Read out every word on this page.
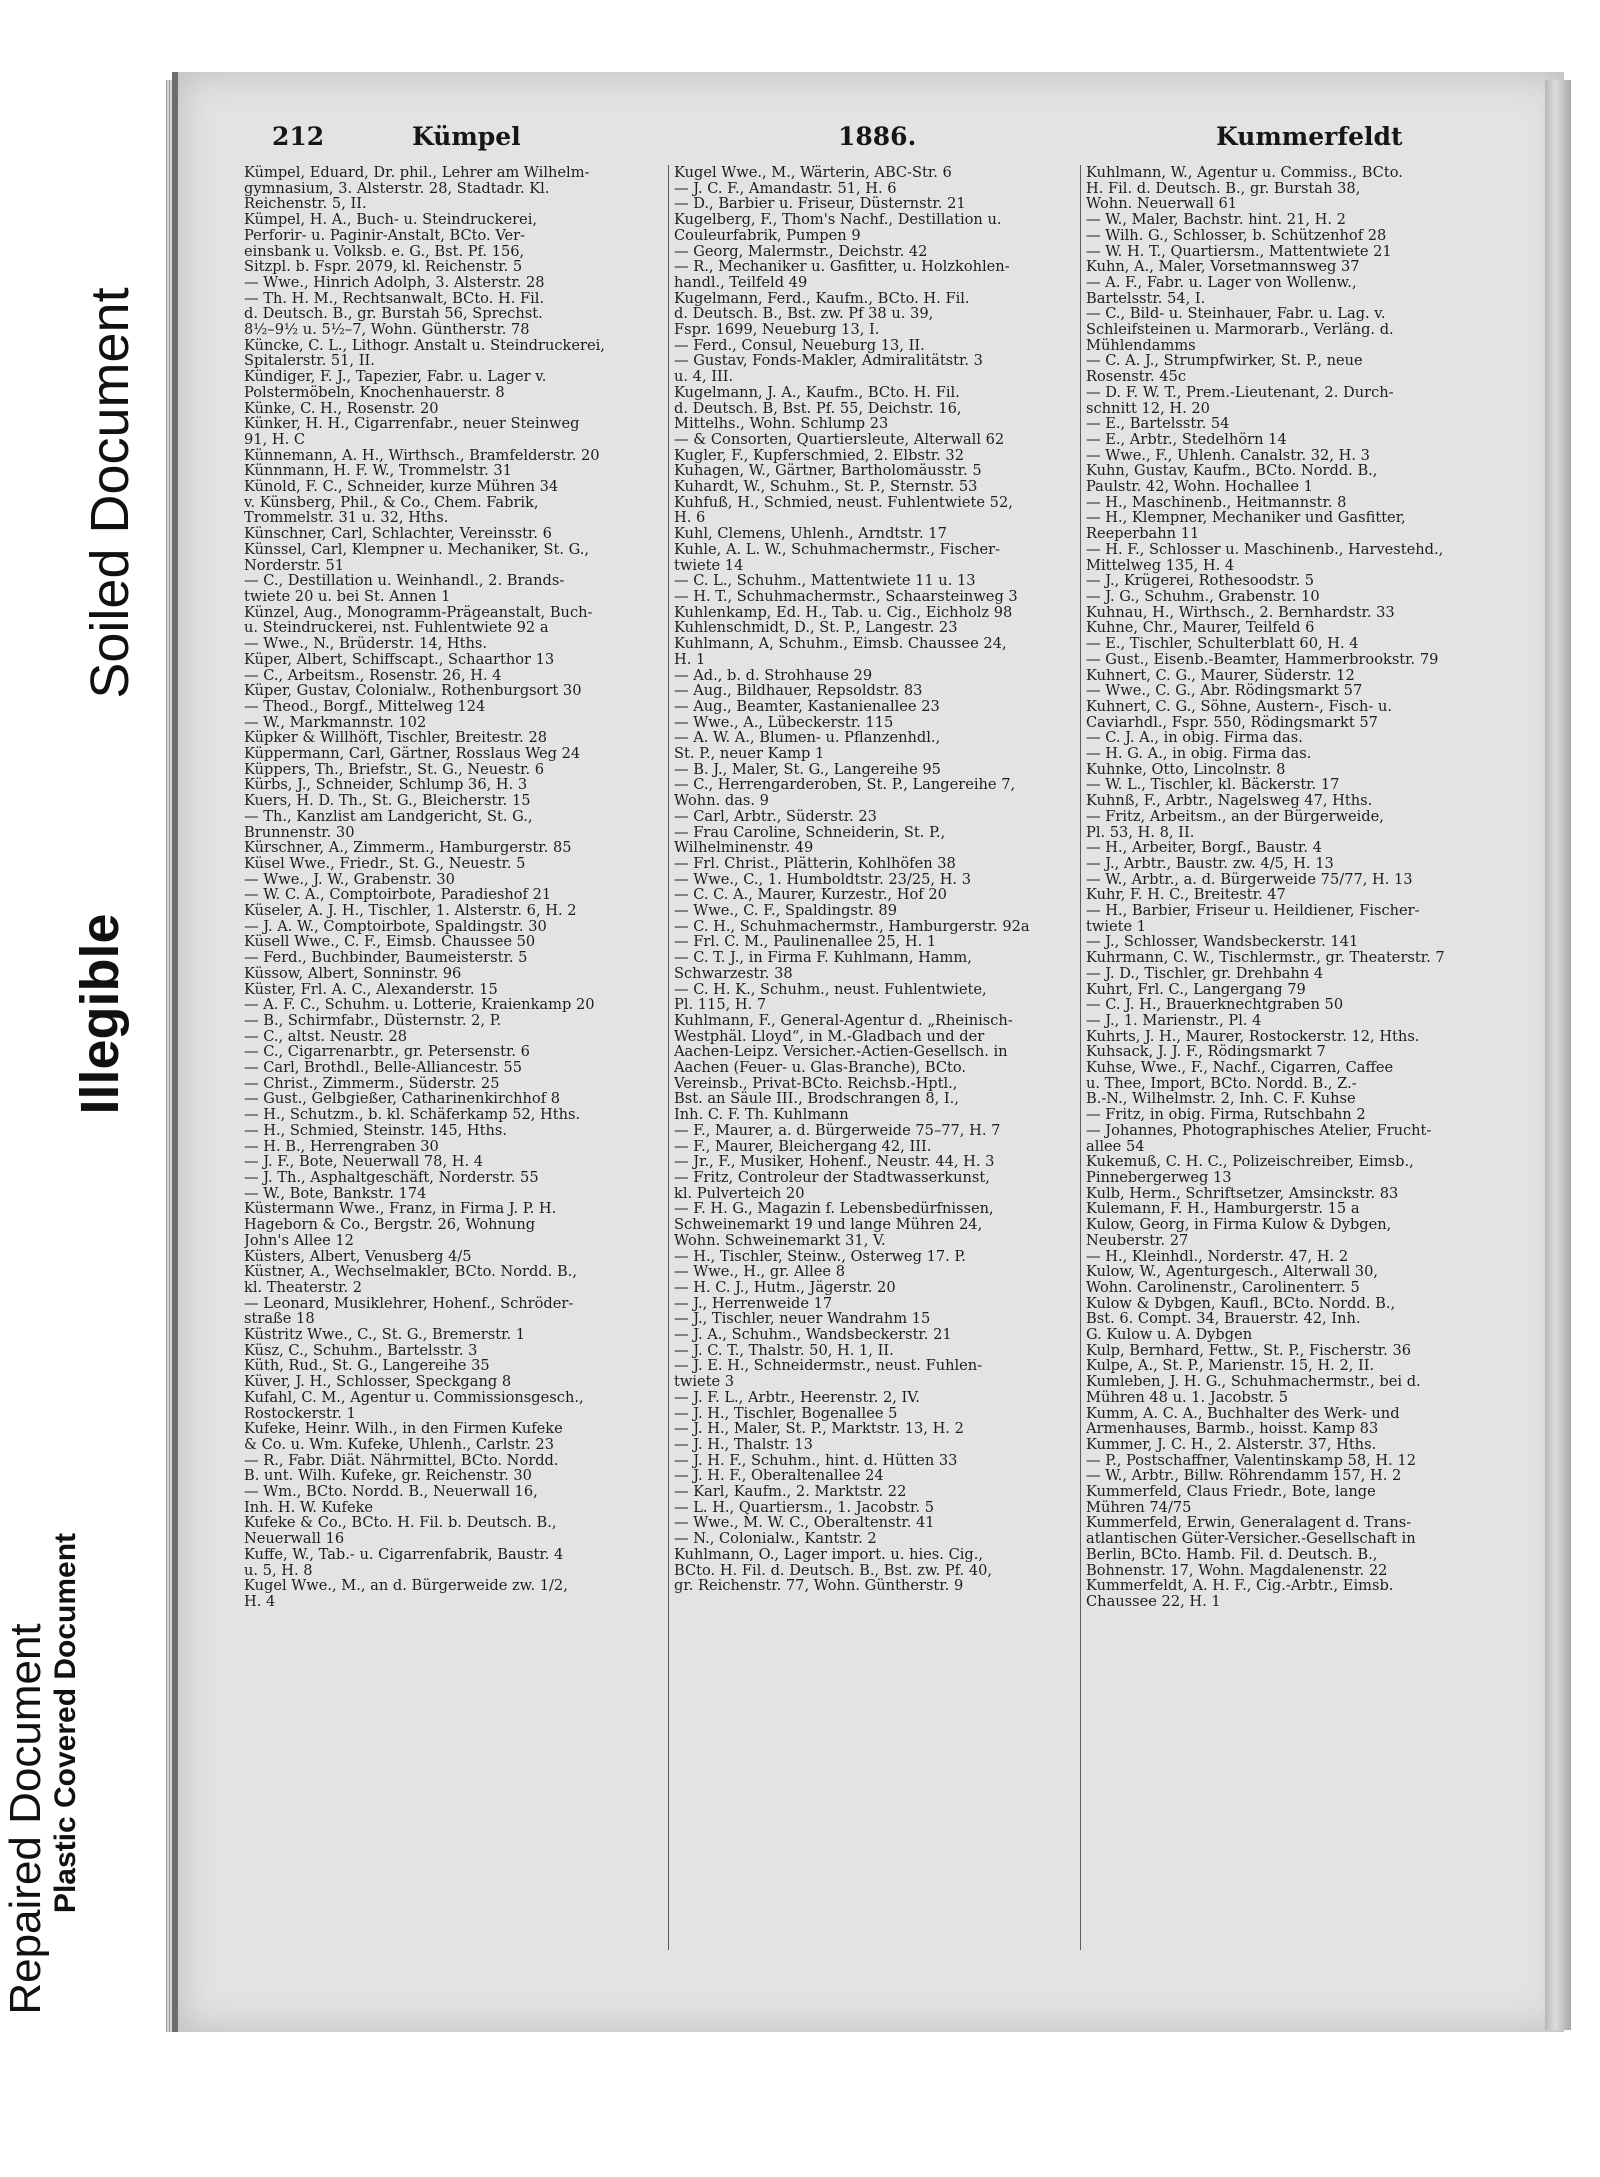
Soiled Document
Illegible
Repaired Document Plastic Covered Document
212	Kümpel	1886.	Kummerfeldt

Kümpel, Eduard, Dr. phil., Lehrer am Wilhelm-

gymnasium, 3. Alsterstr. 28, Stadtadr. Kl.

Reichenstr. 5, II.

Kümpel, H. A., Buch- u. Steindruckerei,

Perforir- u. Paginir-Anstalt, BCto. Ver-

einsbank u. Volksb. e. G., Bst. Pf. 156,

Sitzpl. b. Fspr. 2079, kl. Reichenstr. 5

— Wwe., Hinrich Adolph, 3. Alsterstr. 28

— Th. H. M., Rechtsanwalt, BCto. H. Fil.

d. Deutsch. B., gr. Burstah 56, Sprechst.

8½–9½ u. 5½–7, Wohn. Güntherstr. 78

Küncke, C. L., Lithogr. Anstalt u. Steindruckerei,

Spitalerstr. 51, II.

Kündiger, F. J., Tapezier, Fabr. u. Lager v.

Polstermöbeln, Knochenhauerstr. 8

Künke, C. H., Rosenstr. 20

Künker, H. H., Cigarrenfabr., neuer Steinweg

91, H. C

Künnemann, A. H., Wirthsch., Bramfelderstr. 20

Künnmann, H. F. W., Trommelstr. 31

Künold, F. C., Schneider, kurze Mühren 34

v. Künsberg, Phil., & Co., Chem. Fabrik,

Trommelstr. 31 u. 32, Hths.

Künschner, Carl, Schlachter, Vereinsstr. 6

Künssel, Carl, Klempner u. Mechaniker, St. G.,

Norderstr. 51

— C., Destillation u. Weinhandl., 2. Brands-

twiete 20 u. bei St. Annen 1

Künzel, Aug., Monogramm-Prägeanstalt, Buch-

u. Steindruckerei, nst. Fuhlentwiete 92 a

— Wwe., N., Brüderstr. 14, Hths.

Küper, Albert, Schiffscapt., Schaarthor 13

— C., Arbeitsm., Rosenstr. 26, H. 4

Küper, Gustav, Colonialw., Rothenburgsort 30

— Theod., Borgf., Mittelweg 124

— W., Markmannstr. 102

Küpker & Willhöft, Tischler, Breitestr. 28

Küppermann, Carl, Gärtner, Rosslaus Weg 24

Küppers, Th., Briefstr., St. G., Neuestr. 6

Kürbs, J., Schneider, Schlump 36, H. 3

Kuers, H. D. Th., St. G., Bleicherstr. 15

— Th., Kanzlist am Landgericht, St. G.,

Brunnenstr. 30

Kürschner, A., Zimmerm., Hamburgerstr. 85

Küsel Wwe., Friedr., St. G., Neuestr. 5

— Wwe., J. W., Grabenstr. 30

— W. C. A., Comptoirbote, Paradieshof 21

Küseler, A. J. H., Tischler, 1. Alsterstr. 6, H. 2

— J. A. W., Comptoirbote, Spaldingstr. 30

Küsell Wwe., C. F., Eimsb. Chaussee 50

— Ferd., Buchbinder, Baumeisterstr. 5

Küssow, Albert, Sonninstr. 96

Küster, Frl. A. C., Alexanderstr. 15

— A. F. C., Schuhm. u. Lotterie, Kraienkamp 20

— B., Schirmfabr., Düsternstr. 2, P.

— C., altst. Neustr. 28

— C., Cigarrenarbtr., gr. Petersenstr. 6

— Carl, Brothdl., Belle-Alliancestr. 55

— Christ., Zimmerm., Süderstr. 25

— Gust., Gelbgießer, Catharinenkirchhof 8

— H., Schutzm., b. kl. Schäferkamp 52, Hths.

— H., Schmied, Steinstr. 145, Hths.

— H. B., Herrengraben 30

— J. F., Bote, Neuerwall 78, H. 4

— J. Th., Asphaltgeschäft, Norderstr. 55

— W., Bote, Bankstr. 174

Küstermann Wwe., Franz, in Firma J. P. H.

Hageborn & Co., Bergstr. 26, Wohnung

John's Allee 12

Küsters, Albert, Venusberg 4/5

Küstner, A., Wechselmakler, BCto. Nordd. B.,

kl. Theaterstr. 2

— Leonard, Musiklehrer, Hohenf., Schröder-

straße 18

Küstritz Wwe., C., St. G., Bremerstr. 1

Küsz, C., Schuhm., Bartelsstr. 3

Küth, Rud., St. G., Langereihe 35

Küver, J. H., Schlosser, Speckgang 8

Kufahl, C. M., Agentur u. Commissionsgesch.,

Rostockerstr. 1

Kufeke, Heinr. Wilh., in den Firmen Kufeke

& Co. u. Wm. Kufeke, Uhlenh., Carlstr. 23

— R., Fabr. Diät. Nährmittel, BCto. Nordd.

B. unt. Wilh. Kufeke, gr. Reichenstr. 30

— Wm., BCto. Nordd. B., Neuerwall 16,

Inh. H. W. Kufeke

Kufeke & Co., BCto. H. Fil. b. Deutsch. B.,

Neuerwall 16

Kuffe, W., Tab.- u. Cigarrenfabrik, Baustr. 4

u. 5, H. 8

Kugel Wwe., M., an d. Bürgerweide zw. 1/2,

H. 4

Kugel Wwe., M., Wärterin, ABC-Str. 6

— J. C. F., Amandastr. 51, H. 6

— D., Barbier u. Friseur, Düsternstr. 21

Kugelberg, F., Thom's Nachf., Destillation u.

Couleurfabrik, Pumpen 9

— Georg, Malermstr., Deichstr. 42

— R., Mechaniker u. Gasfitter, u. Holzkohlen-

handl., Teilfeld 49

Kugelmann, Ferd., Kaufm., BCto. H. Fil.

d. Deutsch. B., Bst. zw. Pf 38 u. 39,

Fspr. 1699, Neueburg 13, I.

— Ferd., Consul, Neueburg 13, II.

— Gustav, Fonds-Makler, Admiralitätstr. 3

u. 4, III.

Kugelmann, J. A., Kaufm., BCto. H. Fil.

d. Deutsch. B, Bst. Pf. 55, Deichstr. 16,

Mittelhs., Wohn. Schlump 23

— & Consorten, Quartiersleute, Alterwall 62

Kugler, F., Kupferschmied, 2. Elbstr. 32

Kuhagen, W., Gärtner, Bartholomäusstr. 5

Kuhardt, W., Schuhm., St. P., Sternstr. 53

Kuhfuß, H., Schmied, neust. Fuhlentwiete 52,

H. 6

Kuhl, Clemens, Uhlenh., Arndtstr. 17

Kuhle, A. L. W., Schuhmachermstr., Fischer-

twiete 14

— C. L., Schuhm., Mattentwiete 11 u. 13

— H. T., Schuhmachermstr., Schaarsteinweg 3

Kuhlenkamp, Ed. H., Tab. u. Cig., Eichholz 98

Kuhlenschmidt, D., St. P., Langestr. 23

Kuhlmann, A, Schuhm., Eimsb. Chaussee 24,

H. 1

— Ad., b. d. Strohhause 29

— Aug., Bildhauer, Repsoldstr. 83

— Aug., Beamter, Kastanienallee 23

— Wwe., A., Lübeckerstr. 115

— A. W. A., Blumen- u. Pflanzenhdl.,

St. P., neuer Kamp 1

— B. J., Maler, St. G., Langereihe 95

— C., Herrengarderoben, St. P., Langereihe 7,

Wohn. das. 9

— Carl, Arbtr., Süderstr. 23

— Frau Caroline, Schneiderin, St. P.,

Wilhelminenstr. 49

— Frl. Christ., Plätterin, Kohlhöfen 38

— Wwe., C., 1. Humboldtstr. 23/25, H. 3

— C. C. A., Maurer, Kurzestr., Hof 20

— Wwe., C. F., Spaldingstr. 89

— C. H., Schuhmachermstr., Hamburgerstr. 92a

— Frl. C. M., Paulinenallee 25, H. 1

— C. T. J., in Firma F. Kuhlmann, Hamm,

Schwarzestr. 38

— C. H. K., Schuhm., neust. Fuhlentwiete,

Pl. 115, H. 7

Kuhlmann, F., General-Agentur d. „Rheinisch-

Westphäl. Lloyd“, in M.-Gladbach und der

Aachen-Leipz. Versicher.-Actien-Gesellsch. in

Aachen (Feuer- u. Glas-Branche), BCto.

Vereinsb., Privat-BCto. Reichsb.-Hptl.,

Bst. an Säule III., Brodschrangen 8, I.,

Inh. C. F. Th. Kuhlmann

— F., Maurer, a. d. Bürgerweide 75–77, H. 7

— F., Maurer, Bleichergang 42, III.

— Jr., F., Musiker, Hohenf., Neustr. 44, H. 3

— Fritz, Controleur der Stadtwasserkunst,

kl. Pulverteich 20

— F. H. G., Magazin f. Lebensbedürfnissen,

Schweinemarkt 19 und lange Mühren 24,

Wohn. Schweinemarkt 31, V.

— H., Tischler, Steinw., Osterweg 17. P.

— Wwe., H., gr. Allee 8

— H. C. J., Hutm., Jägerstr. 20

— J., Herrenweide 17

— J., Tischler, neuer Wandrahm 15

— J. A., Schuhm., Wandsbeckerstr. 21

— J. C. T., Thalstr. 50, H. 1, II.

— J. E. H., Schneidermstr., neust. Fuhlen-

twiete 3

— J. F. L., Arbtr., Heerenstr. 2, IV.

— J. H., Tischler, Bogenallee 5

— J. H., Maler, St. P., Marktstr. 13, H. 2

— J. H., Thalstr. 13

— J. H. F., Schuhm., hint. d. Hütten 33

— J. H. F., Oberaltenallee 24

— Karl, Kaufm., 2. Marktstr. 22

— L. H., Quartiersm., 1. Jacobstr. 5

— Wwe., M. W. C., Oberaltenstr. 41

— N., Colonialw., Kantstr. 2

Kuhlmann, O., Lager import. u. hies. Cig.,

BCto. H. Fil. d. Deutsch. B., Bst. zw. Pf. 40,

gr. Reichenstr. 77, Wohn. Güntherstr. 9

Kuhlmann, W., Agentur u. Commiss., BCto.

H. Fil. d. Deutsch. B., gr. Burstah 38,

Wohn. Neuerwall 61

— W., Maler, Bachstr. hint. 21, H. 2

— Wilh. G., Schlosser, b. Schützenhof 28

— W. H. T., Quartiersm., Mattentwiete 21

Kuhn, A., Maler, Vorsetmannsweg 37

— A. F., Fabr. u. Lager von Wollenw.,

Bartelsstr. 54, I.

— C., Bild- u. Steinhauer, Fabr. u. Lag. v.

Schleifsteinen u. Marmorarb., Verläng. d.

Mühlendamms

— C. A. J., Strumpfwirker, St. P., neue

Rosenstr. 45c

— D. F. W. T., Prem.-Lieutenant, 2. Durch-

schnitt 12, H. 20

— E., Bartelsstr. 54

— E., Arbtr., Stedelhörn 14

— Wwe., F., Uhlenh. Canalstr. 32, H. 3

Kuhn, Gustav, Kaufm., BCto. Nordd. B.,

Paulstr. 42, Wohn. Hochallee 1

— H., Maschinenb., Heitmannstr. 8

— H., Klempner, Mechaniker und Gasfitter,

Reeperbahn 11

— H. F., Schlosser u. Maschinenb., Harvestehd.,

Mittelweg 135, H. 4

— J., Krügerei, Rothesoodstr. 5

— J. G., Schuhm., Grabenstr. 10

Kuhnau, H., Wirthsch., 2. Bernhardstr. 33

Kuhne, Chr., Maurer, Teilfeld 6

— E., Tischler, Schulterblatt 60, H. 4

— Gust., Eisenb.-Beamter, Hammerbrookstr. 79

Kuhnert, C. G., Maurer, Süderstr. 12

— Wwe., C. G., Abr. Rödingsmarkt 57

Kuhnert, C. G., Söhne, Austern-, Fisch- u.

Caviarhdl., Fspr. 550, Rödingsmarkt 57

— C. J. A., in obig. Firma das.

— H. G. A., in obig. Firma das.

Kuhnke, Otto, Lincolnstr. 8

— W. L., Tischler, kl. Bäckerstr. 17

Kuhnß, F., Arbtr., Nagelsweg 47, Hths.

— Fritz, Arbeitsm., an der Bürgerweide,

Pl. 53, H. 8, II.

— H., Arbeiter, Borgf., Baustr. 4

— J., Arbtr., Baustr. zw. 4/5, H. 13

— W., Arbtr., a. d. Bürgerweide 75/77, H. 13

Kuhr, F. H. C., Breitestr. 47

— H., Barbier, Friseur u. Heildiener, Fischer-

twiete 1

— J., Schlosser, Wandsbeckerstr. 141

Kuhrmann, C. W., Tischlermstr., gr. Theaterstr. 7

— J. D., Tischler, gr. Drehbahn 4

Kuhrt, Frl. C., Langergang 79

— C. J. H., Brauerknechtgraben 50

— J., 1. Marienstr., Pl. 4

Kuhrts, J. H., Maurer, Rostockerstr. 12, Hths.

Kuhsack, J. J. F., Rödingsmarkt 7

Kuhse, Wwe., F., Nachf., Cigarren, Caffee

u. Thee, Import, BCto. Nordd. B., Z.-

B.-N., Wilhelmstr. 2, Inh. C. F. Kuhse

— Fritz, in obig. Firma, Rutschbahn 2

— Johannes, Photographisches Atelier, Frucht-

allee 54

Kukemuß, C. H. C., Polizeischreiber, Eimsb.,

Pinnebergerweg 13

Kulb, Herm., Schriftsetzer, Amsinckstr. 83

Kulemann, F. H., Hamburgerstr. 15 a

Kulow, Georg, in Firma Kulow & Dybgen,

Neuberstr. 27

— H., Kleinhdl., Norderstr. 47, H. 2

Kulow, W., Agenturgesch., Alterwall 30,

Wohn. Carolinenstr., Carolinenterr. 5

Kulow & Dybgen, Kaufl., BCto. Nordd. B.,

Bst. 6. Compt. 34, Brauerstr. 42, Inh.

G. Kulow u. A. Dybgen

Kulp, Bernhard, Fettw., St. P., Fischerstr. 36

Kulpe, A., St. P., Marienstr. 15, H. 2, II.

Kumleben, J. H. G., Schuhmachermstr., bei d.

Mühren 48 u. 1. Jacobstr. 5

Kumm, A. C. A., Buchhalter des Werk- und

Armenhauses, Barmb., hoisst. Kamp 83

Kummer, J. C. H., 2. Alsterstr. 37, Hths.

— P., Postschaffner, Valentinskamp 58, H. 12

— W., Arbtr., Billw. Röhrendamm 157, H. 2

Kummerfeld, Claus Friedr., Bote, lange

Mühren 74/75

Kummerfeld, Erwin, Generalagent d. Trans-

atlantischen Güter-Versicher.-Gesellschaft in

Berlin, BCto. Hamb. Fil. d. Deutsch. B.,

Bohnenstr. 17, Wohn. Magdalenenstr. 22

Kummerfeldt, A. H. F., Cig.-Arbtr., Eimsb.

Chaussee 22, H. 1
